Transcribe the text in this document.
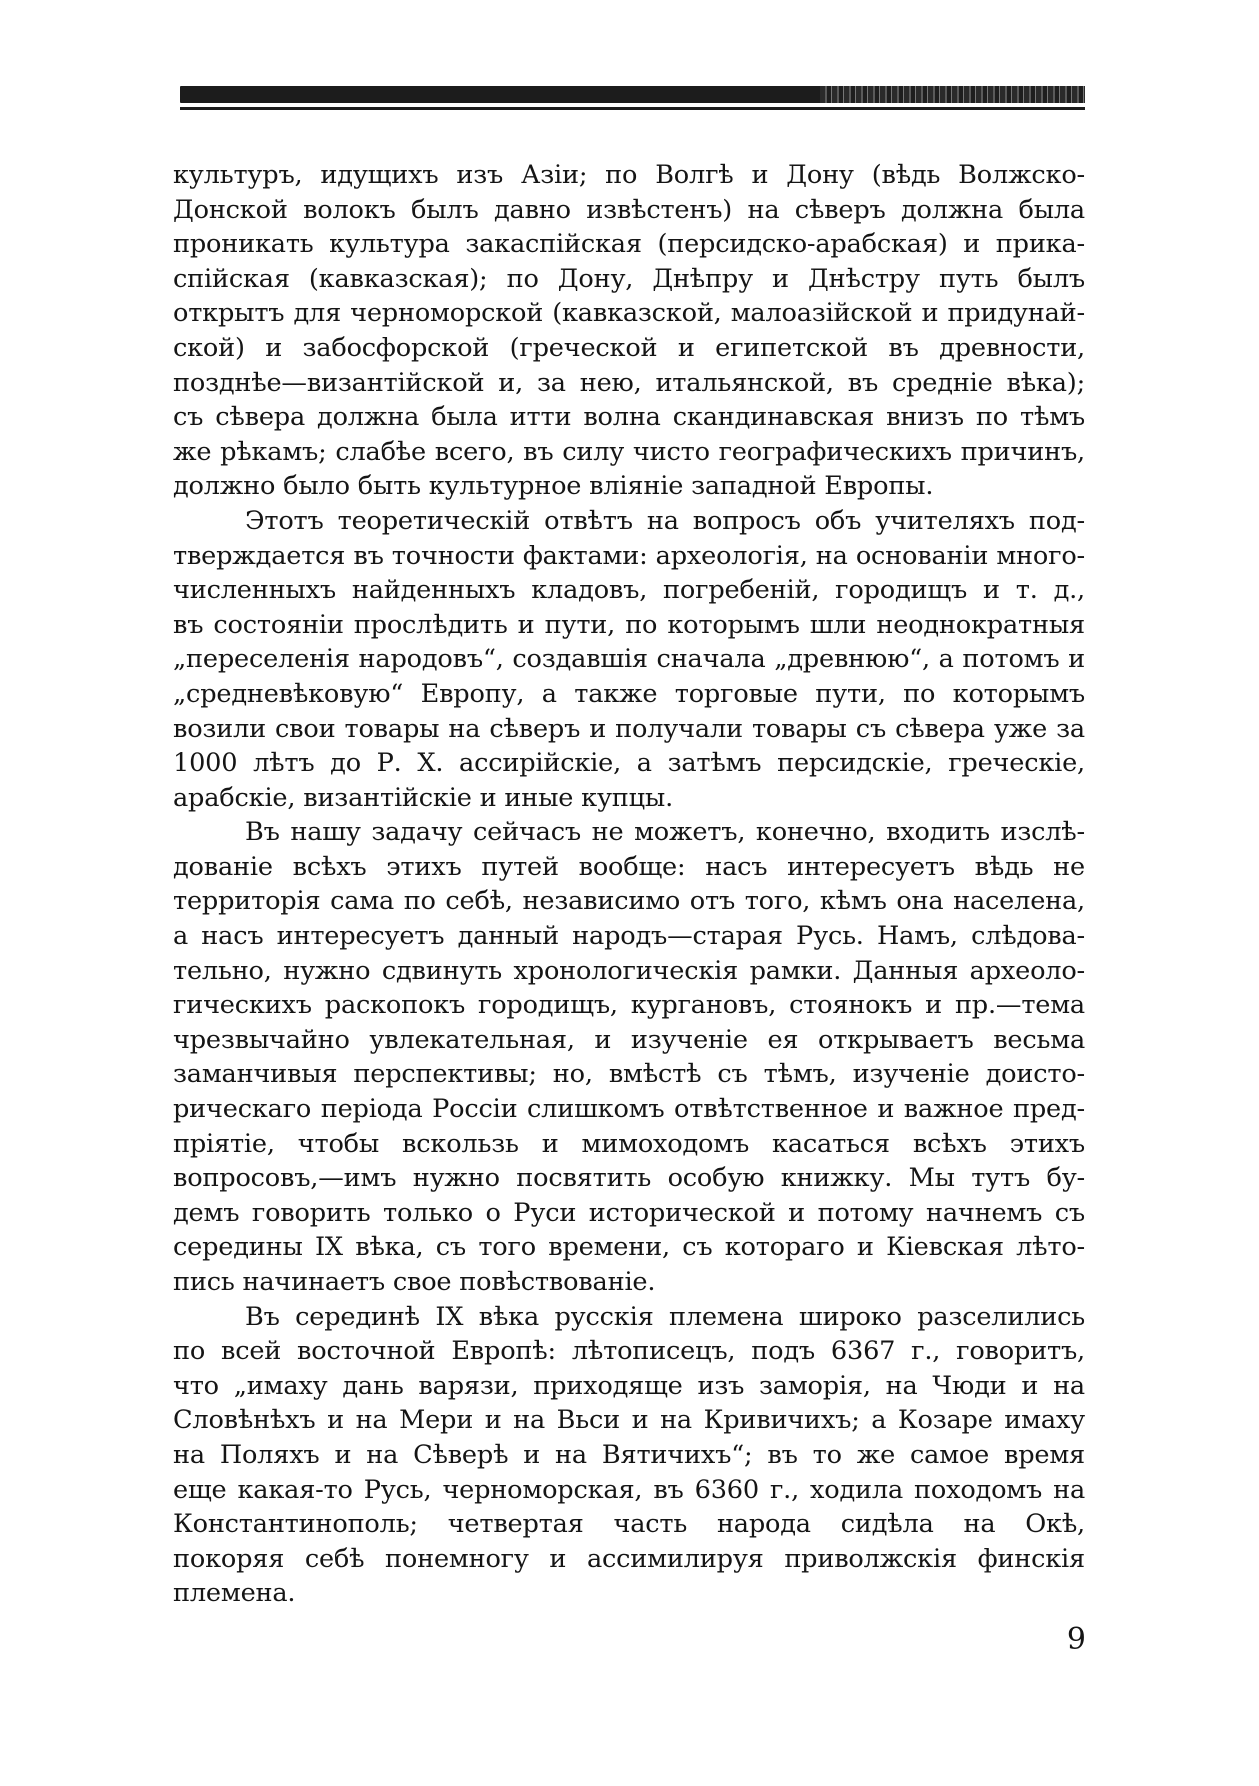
культуръ, идущихъ изъ Азіи; по Волгѣ и Дону (вѣдь Волжско-
Донской волокъ былъ давно извѣстенъ) на сѣверъ должна была
проникать культура закаспійская (персидско-арабская) и прика-
спійская (кавказская); по Дону, Днѣпру и Днѣстру путь былъ
открытъ для черноморской (кавказской, малоазійской и придунай-
ской) и забосфорской (греческой и египетской въ древности,
позднѣе—византійской и, за нею, итальянской, въ средніе вѣка);
съ сѣвера должна была итти волна скандинавская внизъ по тѣмъ
же рѣкамъ; слабѣе всего, въ силу чисто географическихъ причинъ,
должно было быть культурное вліяніе западной Европы.
Этотъ теоретическій отвѣтъ на вопросъ объ учителяхъ под-
тверждается въ точности фактами: археологія, на основаніи много-
численныхъ найденныхъ кладовъ, погребеній, городищъ и т. д.,
въ состояніи прослѣдить и пути, по которымъ шли неоднократныя
„переселенія народовъ“, создавшія сначала „древнюю“, а потомъ и
„средневѣковую“ Европу, а также торговые пути, по которымъ
возили свои товары на сѣверъ и получали товары съ сѣвера уже за
1000 лѣтъ до Р. Х. ассирійскіе, а затѣмъ персидскіе, греческіе,
арабскіе, византійскіе и иные купцы.
Въ нашу задачу сейчасъ не можетъ, конечно, входить изслѣ-
дованіе всѣхъ этихъ путей вообще: насъ интересуетъ вѣдь не
территорія сама по себѣ, независимо отъ того, кѣмъ она населена,
а насъ интересуетъ данный народъ—старая Русь. Намъ, слѣдова-
тельно, нужно сдвинуть хронологическія рамки. Данныя археоло-
гическихъ раскопокъ городищъ, кургановъ, стоянокъ и пр.—тема
чрезвычайно увлекательная, и изученіе ея открываетъ весьма
заманчивыя перспективы; но, вмѣстѣ съ тѣмъ, изученіе доисто-
рическаго періода Россіи слишкомъ отвѣтственное и важное пред-
пріятіе, чтобы вскользь и мимоходомъ касаться всѣхъ этихъ
вопросовъ,—имъ нужно посвятить особую книжку. Мы тутъ бу-
демъ говорить только о Руси исторической и потому начнемъ съ
середины IX вѣка, съ того времени, съ котораго и Кіевская лѣто-
пись начинаетъ свое повѣствованіе.
Въ серединѣ IX вѣка русскія племена широко разселились
по всей восточной Европѣ: лѣтописецъ, подъ 6367 г., говоритъ,
что „имаху дань варязи, приходяще изъ заморія, на Чюди и на
Словѣнѣхъ и на Мери и на Вьси и на Кривичихъ; а Козаре имаху
на Поляхъ и на Сѣверѣ и на Вятичихъ“; въ то же самое время
еще какая-то Русь, черноморская, въ 6360 г., ходила походомъ на
Константинополь; четвертая часть народа сидѣла на Окѣ,
покоряя себѣ понемногу и ассимилируя приволжскія финскія
племена.
9
